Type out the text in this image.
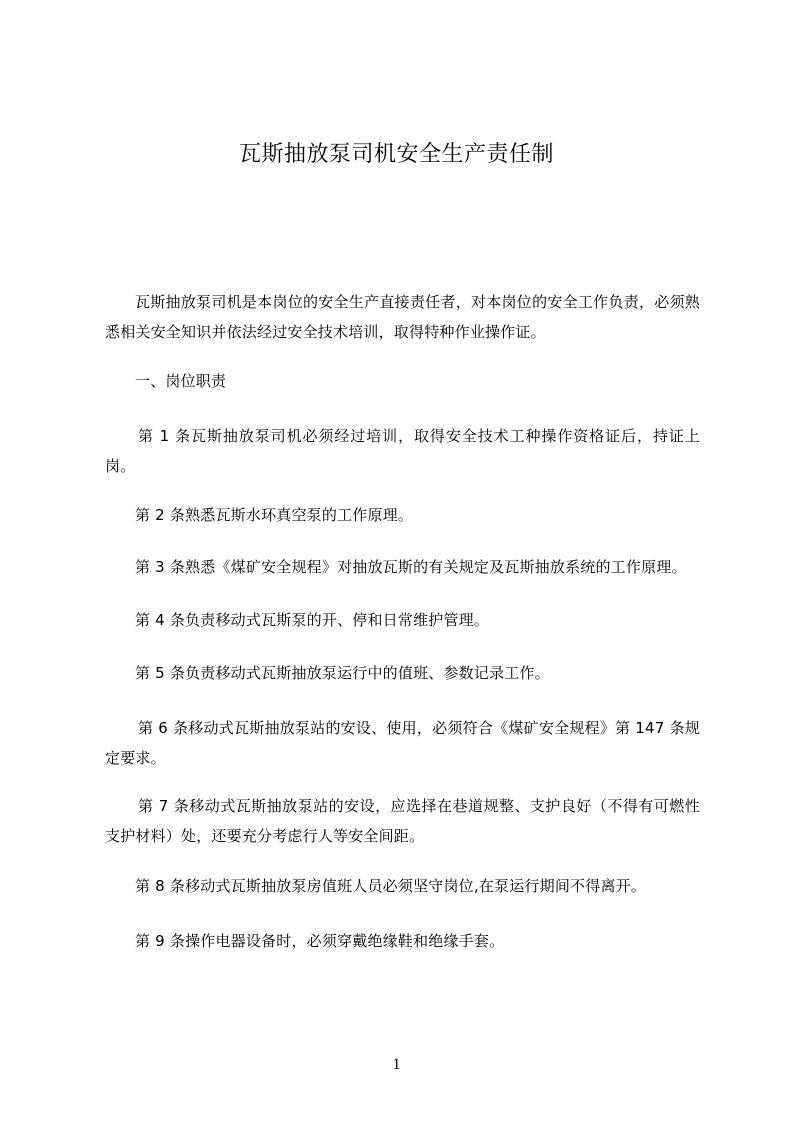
瓦斯抽放泵司机安全生产责任制

瓦斯抽放泵司机是本岗位的安全生产直接责任者，对本岗位的安全工作负责，必须熟悉相关安全知识并依法经过安全技术培训，取得特种作业操作证。

一、岗位职责

第 1 条瓦斯抽放泵司机必须经过培训，取得安全技术工种操作资格证后，持证上岗。

第 2 条熟悉瓦斯水环真空泵的工作原理。

第 3 条熟悉《煤矿安全规程》对抽放瓦斯的有关规定及瓦斯抽放系统的工作原理。

第 4 条负责移动式瓦斯泵的开、停和日常维护管理。

第 5 条负责移动式瓦斯抽放泵运行中的值班、参数记录工作。

第 6 条移动式瓦斯抽放泵站的安设、使用，必须符合《煤矿安全规程》第 147 条规定要求。

第 7 条移动式瓦斯抽放泵站的安设，应选择在巷道规整、支护良好（不得有可燃性支护材料）处，还要充分考虑行人等安全间距。

第 8 条移动式瓦斯抽放泵房值班人员必须坚守岗位,在泵运行期间不得离开。

第 9 条操作电器设备时，必须穿戴绝缘鞋和绝缘手套。

1
